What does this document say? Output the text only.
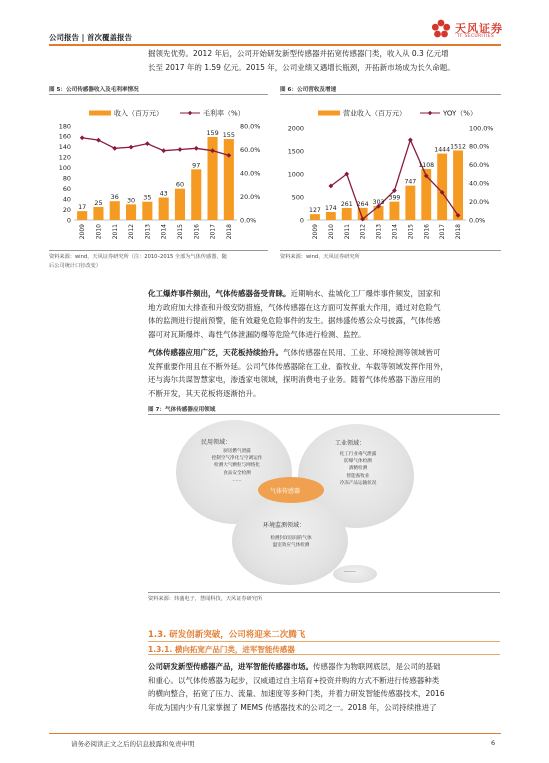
公司报告 | 首次覆盖报告
天风证券
TF SECURITIES
掘领先优势。2012 年后，公司开始研发新型传感器并拓宽传感器门类，收入从 0.3 亿元增
长至 2017 年的 1.59 亿元。2015 年，公司业绩又遇增长瓶颈，开拓新市场成为长久命题。
图 5：公司传感器收入及毛利率情况
收入（百万元）	毛利率（%）
0
20
40
60
80
100
120
140
160
180
0.0%
20.0%
40.0%
60.0%
80.0%
17
25
36 30 35
43
60
97
159 155
2009 2010 2011 2012 2013 2014 2015 2016 2017 2018
资料来源：wind，天风证券研究所（注：2010–2015 全部为气体传感器，随
后公司统计口径改变）
图 6：公司营收及增速
营业收入（百万元）	YOY（%）
0
500
1000
1500
2000
0.0%
20.0%
40.0%
60.0%
80.0%
100.0%
127 174
261 264 303
399
747
1108
1444 1512
2009 2010 2011 2012 2013 2014 2015 2016 2017 2018
资料来源：wind，天风证券研究所
化工爆炸事件频出，气体传感器备受青睐。近期响水、盐城化工厂爆炸事件频发，国家和
地方政府加大排查和升级安防措施，气体传感器在这方面可发挥重大作用，通过对危险气
体的监测进行提前预警，能有效避免危险事件的发生。据炜盛传感公众号披露，气体传感
器可对瓦斯爆炸、毒性气体泄漏防爆等危险气体进行检测、监控。
气体传感器应用广泛，天花板持续抬升。气体传感器在民用、工业、环境检测等领域皆可
发挥重要作用且在不断外延。公司气体传感器除在工业、畜牧业、车载等领域发挥作用外，
还与海尔共谋智慧家电，渗透家电领域，探明消费电子业务。随着气体传感器下游应用的
不断开发，其天花板将逐渐抬升。
图 7：气体传感器应用领域
民用领域：
厨房燃气泄露
控制空气净化与空调运作
检测大气颗粒与网络化
食品安全检测
……
工业领域：
化工行业毒气泄露
防爆气体检测
酒精检测
智能畜牧业
冷冻产品运输状况
环境监测领域：
检测封闭房间的气体
温室效应气体检测
……
气体传感器
资料来源：炜盛电子，慧闻科技，天风证券研究所
1.3. 研发创新突破，公司将迎来二次腾飞
1.3.1. 横向拓宽产品门类，进军智能传感器
公司研发新型传感器产品，进军智能传感器市场。传感器作为物联网底层，是公司的基础
和重心。以气体传感器为起步，汉威通过自主培育+投资并购的方式不断进行传感器种类
的横向整合，拓宽了压力、流量、加速度等多种门类，并着力研发智能传感器技术，2016
年成为国内少有几家掌握了 MEMS 传感器技术的公司之一。2018 年，公司持续推进了
请务必阅读正文之后的信息披露和免责申明	6
